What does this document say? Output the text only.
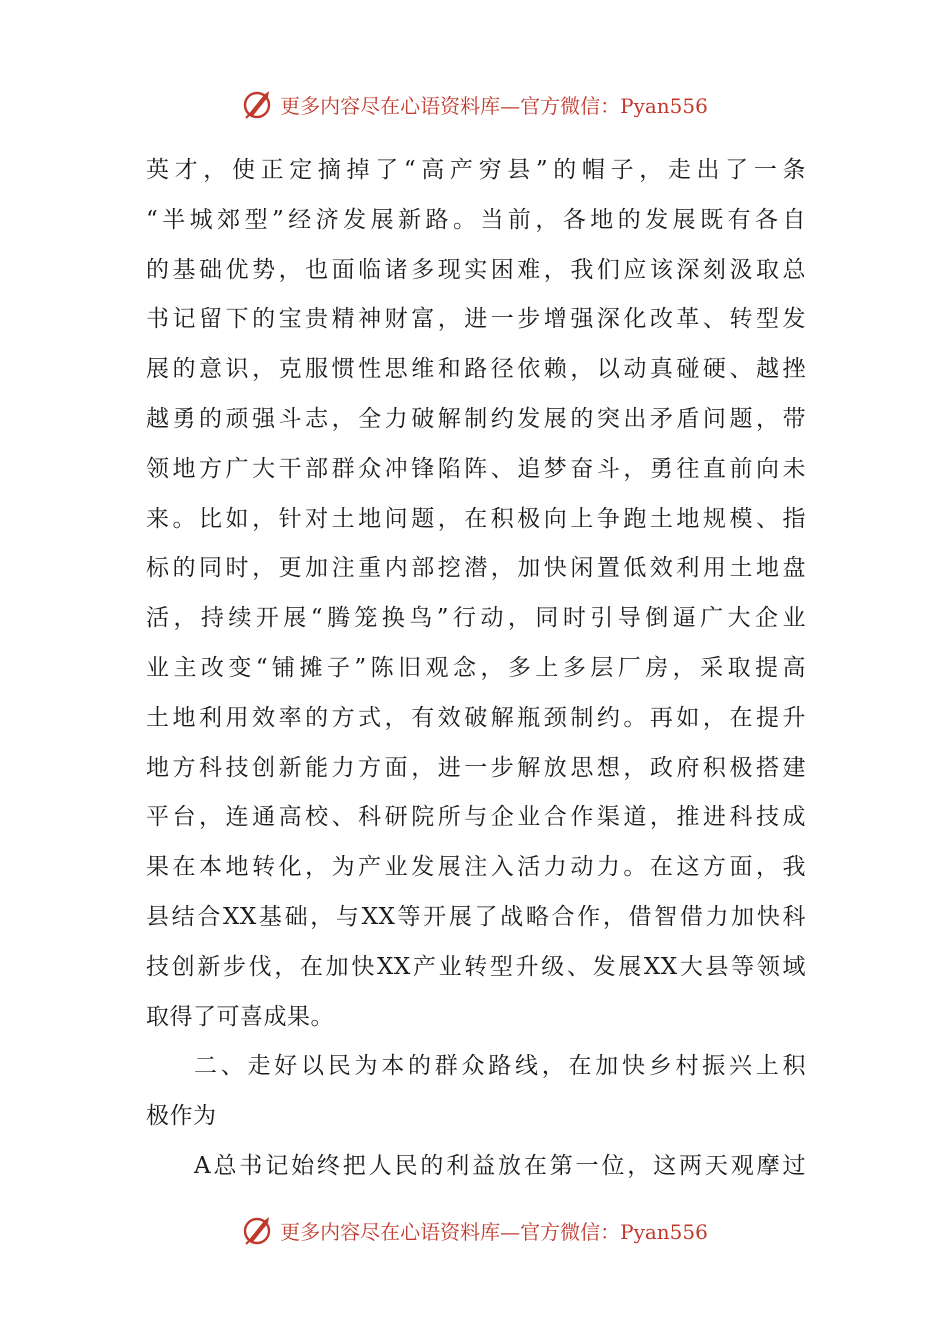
更多内容尽在心语资料库—官方微信：Pyan556
英才，使正定摘掉了“高产穷县”的帽子，走出了一条
“半城郊型”经济发展新路。当前，各地的发展既有各自
的基础优势，也面临诸多现实困难，我们应该深刻汲取总
书记留下的宝贵精神财富，进一步增强深化改革、转型发
展的意识，克服惯性思维和路径依赖，以动真碰硬、越挫
越勇的顽强斗志，全力破解制约发展的突出矛盾问题，带
领地方广大干部群众冲锋陷阵、追梦奋斗，勇往直前向未
来。比如，针对土地问题，在积极向上争跑土地规模、指
标的同时，更加注重内部挖潜，加快闲置低效利用土地盘
活，持续开展“腾笼换鸟”行动，同时引导倒逼广大企业
业主改变“铺摊子”陈旧观念，多上多层厂房，采取提高
土地利用效率的方式，有效破解瓶颈制约。再如，在提升
地方科技创新能力方面，进一步解放思想，政府积极搭建
平台，连通高校、科研院所与企业合作渠道，推进科技成
果在本地转化，为产业发展注入活力动力。在这方面，我
县结合XX基础，与XX等开展了战略合作，借智借力加快科
技创新步伐，在加快XX产业转型升级、发展XX大县等领域
取得了可喜成果。
二、走好以民为本的群众路线，在加快乡村振兴上积
极作为
A总书记始终把人民的利益放在第一位，这两天观摩过
更多内容尽在心语资料库—官方微信：Pyan556
